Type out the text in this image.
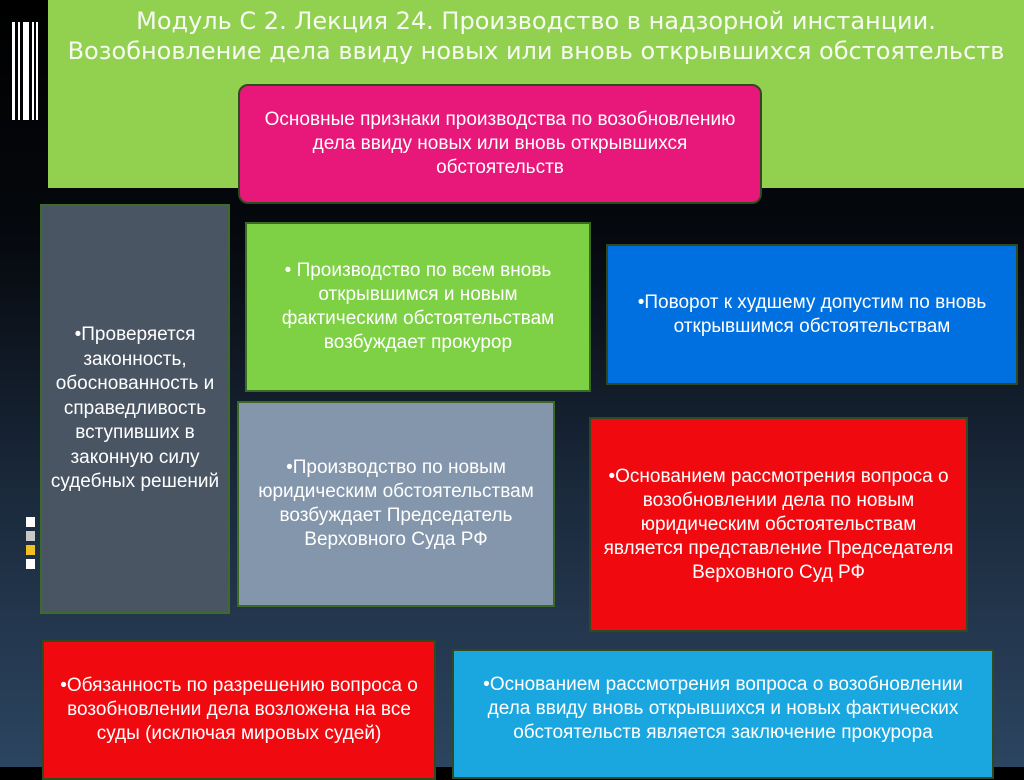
Модуль С 2. Лекция 24. Производство в надзорной инстанции. Возобновление дела ввиду новых или вновь открывшихся обстоятельств
Основные признаки производства по возобновлению дела ввиду новых или вновь открывшихся обстоятельств
•Проверяется законность, обоснованность и справедливость вступивших в законную силу судебных решений
• Производство по всем вновь открывшимся и новым фактическим обстоятельствам возбуждает прокурор
•Поворот к худшему допустим по вновь открывшимся обстоятельствам
•Производство по новым юридическим обстоятельствам возбуждает Председатель Верховного Суда РФ
•Основанием рассмотрения вопроса о возобновлении дела по новым юридическим обстоятельствам является представление Председателя Верховного Суд РФ
•Обязанность по разрешению вопроса о возобновлении дела возложена на все суды (исключая мировых судей)
•Основанием рассмотрения вопроса о возобновлении дела ввиду вновь открывшихся и новых фактических обстоятельств является заключение прокурора
